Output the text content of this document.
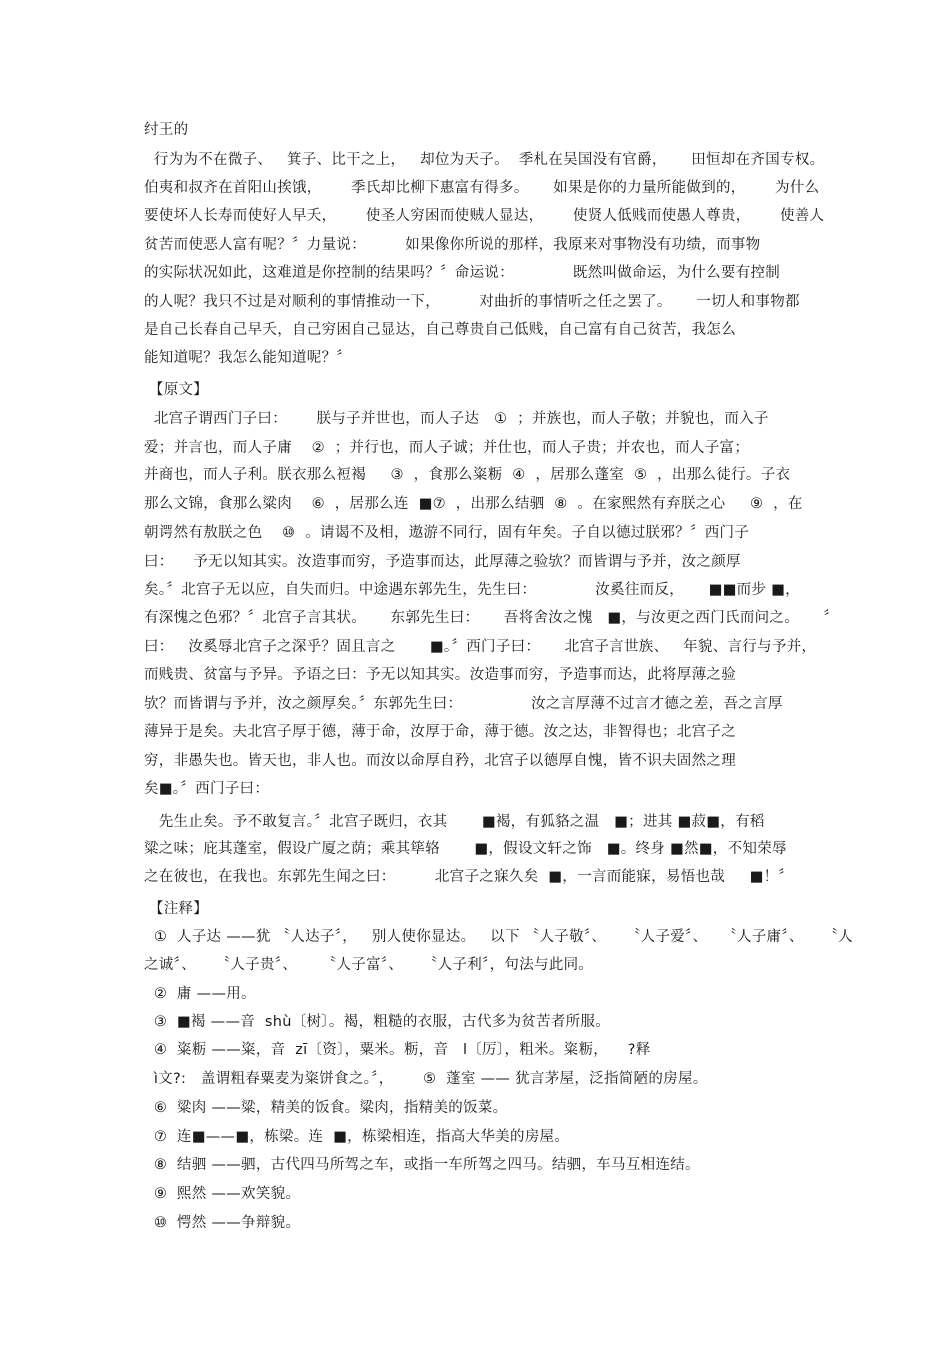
纣王的
行为为不在微子、   箕子、比干之上，   却位为天子。  季札在吴国没有官爵，     田恒却在齐国专权。
伯夷和叔齐在首阳山挨饿，      季氏却比柳下惠富有得多。     如果是你的力量所能做到的，      为什么
要使坏人长寿而使好人早夭，      使圣人穷困而使贼人显达，      使贤人低贱而使愚人尊贵，      使善人
贫苦而使恶人富有呢？〞力量说：        如果像你所说的那样，我原来对事物没有功绩，而事物
的实际状况如此，这难道是你控制的结果吗？〞命运说：            既然叫做命运，为什么要有控制
的人呢？我只不过是对顺利的事情推动一下，        对曲折的事情听之任之罢了。     一切人和事物都
是自己长春自己早夭，自己穷困自己显达，自己尊贵自己低贱，自己富有自己贫苦，我怎么
能知道呢？我怎么能知道呢？〞
【原文】
北宫子谓西门子曰：      朕与子并世也，而人子达   ①  ；并族也，而人子敬；并貌也，而入子
爱；并言也，而人子庸    ②  ；并行也，而人子诚；并仕也，而人子贵；并农也，而人子富；
并商也，而人子利。朕衣那么裋褐     ③  ，食那么粢粝  ④  ，居那么蓬室  ⑤  ，出那么徒行。子衣
那么文锦，食那么粱肉    ⑥  ，居那么连  ■⑦  ，出那么结驷  ⑧  。在家熙然有弃朕之心     ⑨  ，在
朝谔然有敖朕之色    ⑩  。请谒不及相，遨游不同行，固有年矣。子自以德过朕邪？〞西门子
曰：    予无以知其实。汝造事而穷，予造事而达，此厚薄之验欤？而皆谓与予并，汝之颜厚
矣。〞北宫子无以应，自失而归。中途遇东郭先生，先生曰：            汝奚往而反，     ■■而步 ■，
有深愧之色邪？〞北宫子言其状。     东郭先生曰：     吾将舍汝之愧   ■，与汝更之西门氏而问之。     〞
曰：   汝奚辱北宫子之深乎？固且言之       ■。〞西门子曰：     北宫子言世族、   年貌、言行与予并，
而贱贵、贫富与予异。予语之曰：予无以知其实。汝造事而穷，予造事而达，此将厚薄之验
欤？而皆谓与予并，汝之颜厚矣。〞东郭先生曰：              汝之言厚薄不过言才德之差，吾之言厚
薄异于是矣。夫北宫子厚于德，薄于命，汝厚于命，薄于德。汝之达，非智得也；北宫子之
穷，非愚失也。皆天也，非人也。而汝以命厚自矜，北宫子以德厚自愧，皆不识夫固然之理
矣■。〞西门子曰：
先生止矣。予不敢复言。〞北宫子既归，衣其       ■褐，有狐貉之温   ■；进其 ■菽■，有稻
粱之味；庇其蓬室，假设广厦之荫；乘其筚辂       ■，假设文轩之饰   ■。终身 ■然■，不知荣辱
之在彼也，在我也。东郭先生闻之曰：        北宫子之寐久矣  ■，一言而能寐，易悟也哉     ■！〞
【注释】
①  人子达 ——犹 〝人达子〞，   别人使你显达。   以下 〝人子敬〞、    〝人子爱〞、   〝人子庸〞、    〝人
之诚〞、    〝人子贵〞、     〝人子富〞、    〝人子利〞，句法与此同。
②  庸 ——用。
③  ■褐 ——音  shù〔树〕。褐，粗糙的衣服，古代多为贫苦者所服。
④  粢粝 ——粢，音  zī〔资〕，粟米。粝，音   l〔厉〕，粗米。粢粝，    ?释
ì文?:   盖谓粗春粟麦为粢饼食之。〞，      ⑤  蓬室 —— 犹言茅屋，泛指简陋的房屋。
⑥  粱肉 ——粱，精美的饭食。粱肉，指精美的饭菜。
⑦  连■——■，栋梁。连  ■，栋梁相连，指高大华美的房屋。
⑧  结驷 ——驷，古代四马所驾之车，或指一车所驾之四马。结驷，车马互相连结。
⑨  熙然 ——欢笑貌。
⑩  愕然 ——争辩貌。
